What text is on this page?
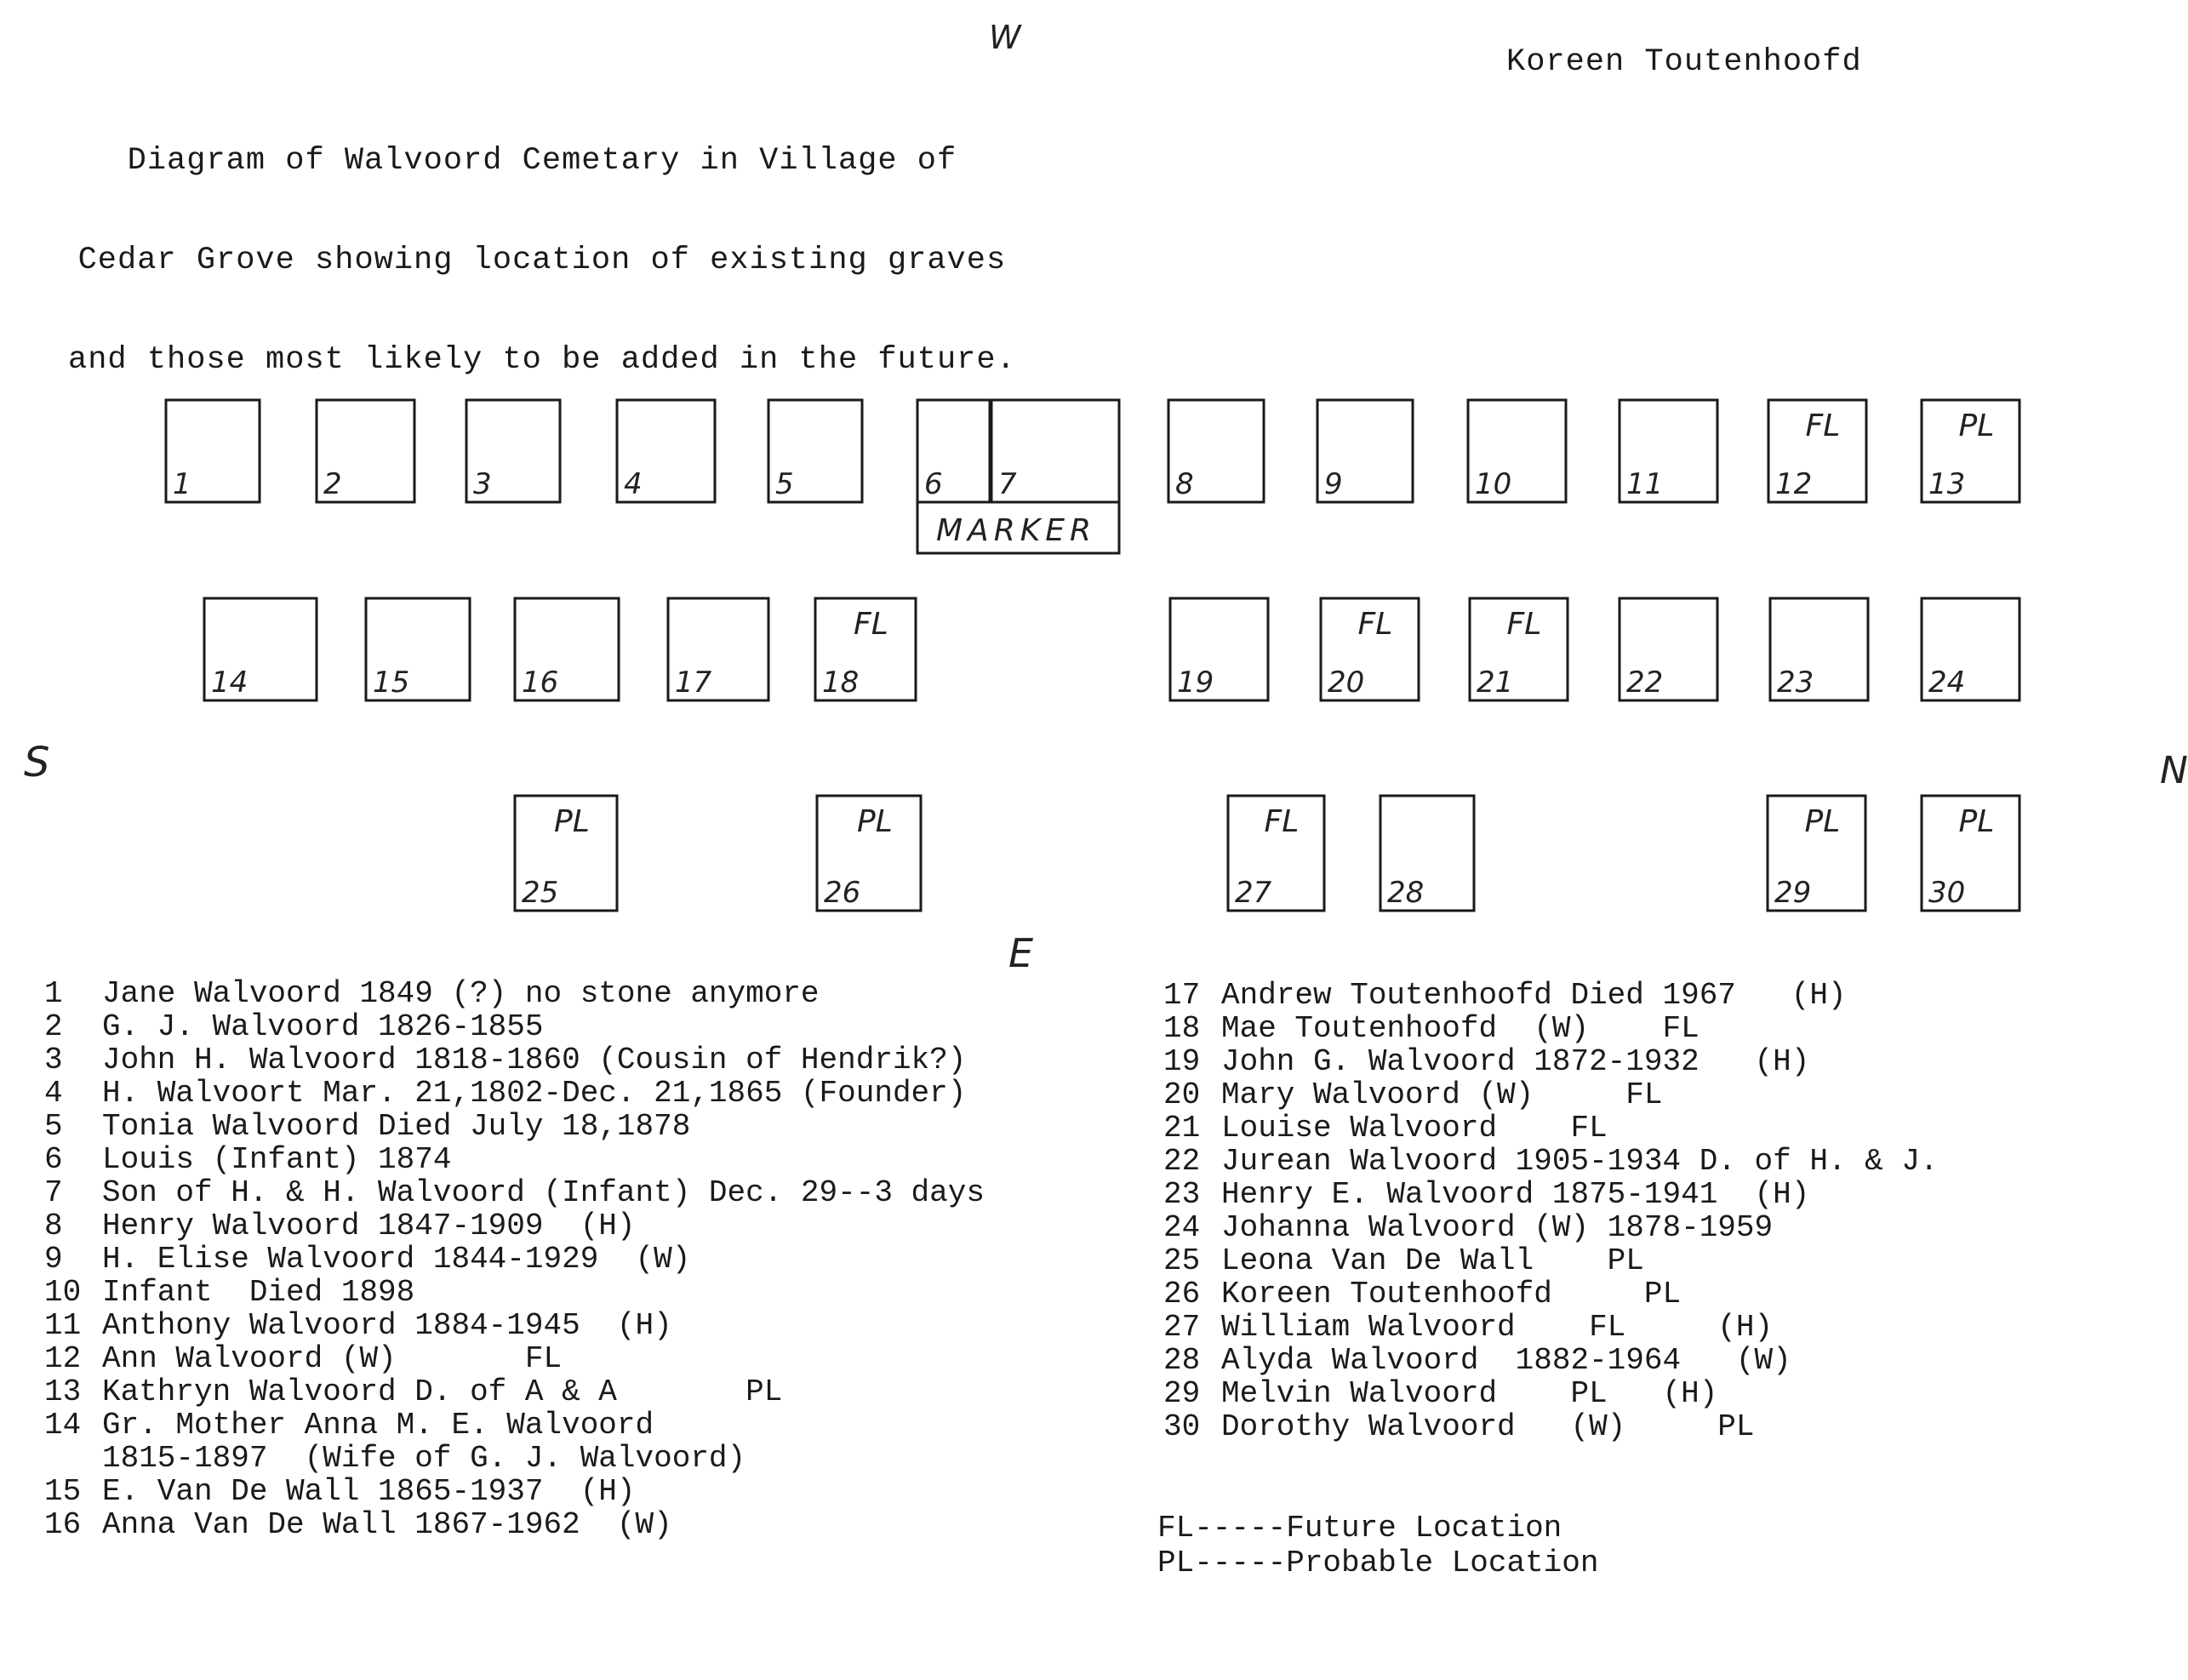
Koreen Toutenhoofd

Diagram of Walvoord Cemetary in Village of

Cedar Grove showing location of existing graves

and those most likely to be added in the future.

W
S	N
E
1	2	3	4	5	6 7	8	9	10	11	12
FL
13
PL
14	15	16	17	18
FL
19	20
FL
21
FL
22	23	24
25
PL
26
PL
27
FL
28	29
PL
30
PL
MARKER
1 Jane Walvoord 1849 (?) no stone anymore
2 G. J. Walvoord 1826-1855
3 John H. Walvoord 1818-1860 (Cousin of Hendrik?)
4 H. Walvoort Mar. 21,1802-Dec. 21,1865 (Founder)
5 Tonia Walvoord Died July 18,1878
6 Louis (Infant) 1874
7 Son of H. & H. Walvoord (Infant) Dec. 29--3 days
8 Henry Walvoord 1847-1909  (H)
9 H. Elise Walvoord 1844-1929  (W)
10 Infant  Died 1898
11 Anthony Walvoord 1884-1945  (H)
12 Ann Walvoord (W)       FL
13 Kathryn Walvoord D. of A & A       PL
14 Gr. Mother Anna M. E. Walvoord
1815-1897  (Wife of G. J. Walvoord)
15 E. Van De Wall 1865-1937  (H)
16 Anna Van De Wall 1867-1962  (W)
17 Andrew Toutenhoofd Died 1967   (H)
18 Mae Toutenhoofd  (W)    FL
19 John G. Walvoord 1872-1932   (H)
20 Mary Walvoord (W)     FL
21 Louise Walvoord    FL
22 Jurean Walvoord 1905-1934 D. of H. & J.
23 Henry E. Walvoord 1875-1941  (H)
24 Johanna Walvoord (W) 1878-1959
25 Leona Van De Wall    PL
26 Koreen Toutenhoofd     PL
27 William Walvoord    FL     (H)
28 Alyda Walvoord  1882-1964   (W)
29 Melvin Walvoord    PL   (H)
30 Dorothy Walvoord   (W)     PL
FL-----Future Location
PL-----Probable Location
